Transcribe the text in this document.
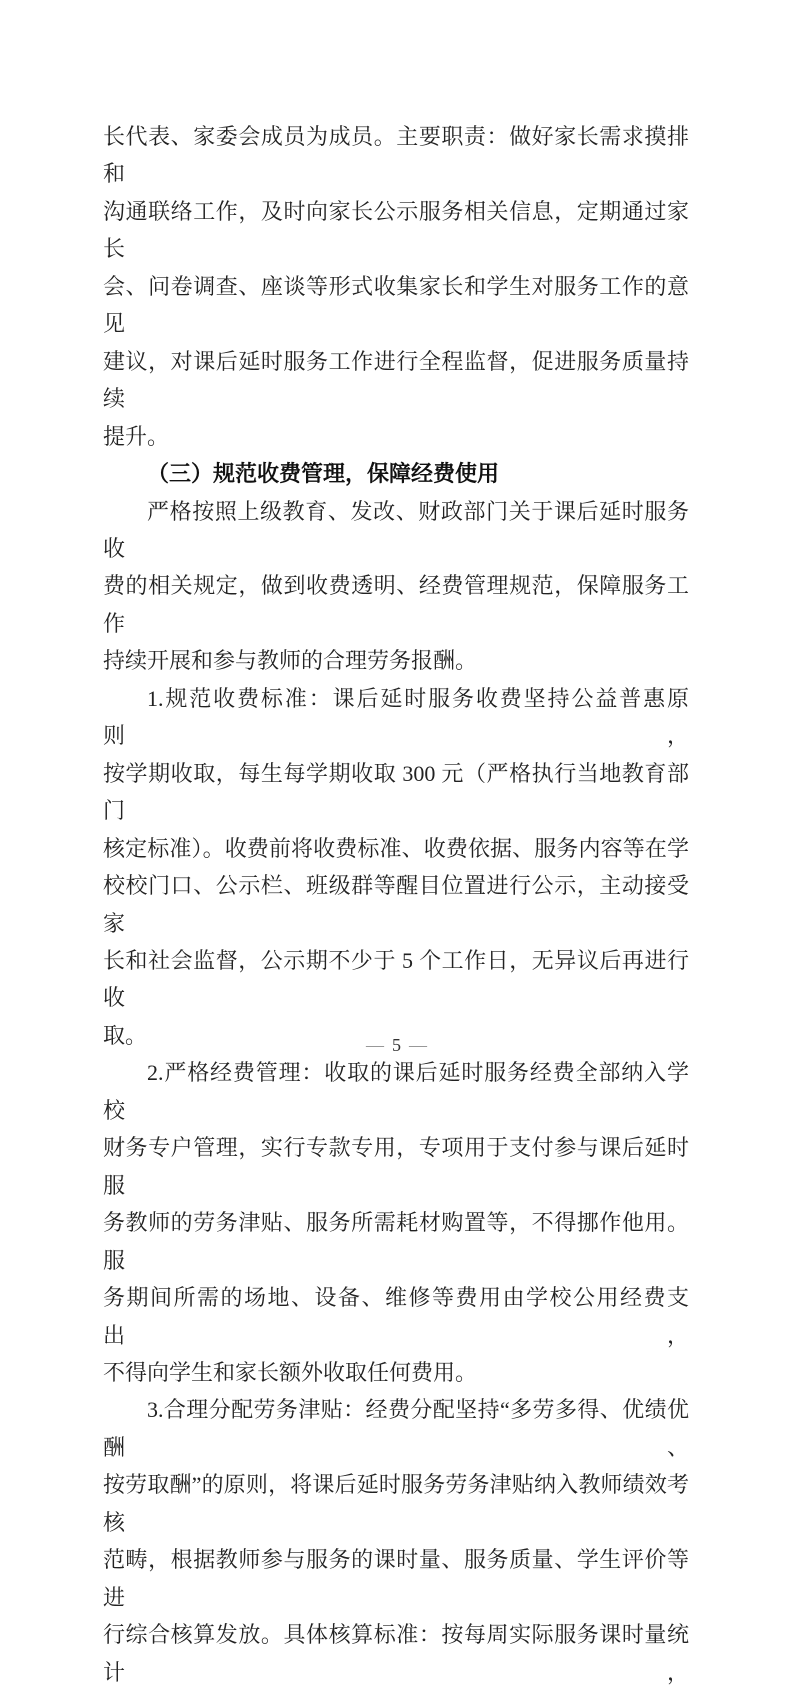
长代表、家委会成员为成员。主要职责：做好家长需求摸排和
沟通联络工作，及时向家长公示服务相关信息，定期通过家长
会、问卷调查、座谈等形式收集家长和学生对服务工作的意见
建议，对课后延时服务工作进行全程监督，促进服务质量持续
提升。
（三）规范收费管理，保障经费使用
严格按照上级教育、发改、财政部门关于课后延时服务收
费的相关规定，做到收费透明、经费管理规范，保障服务工作
持续开展和参与教师的合理劳务报酬。
1.规范收费标准：课后延时服务收费坚持公益普惠原则，
按学期收取，每生每学期收取 300 元（严格执行当地教育部门
核定标准）。收费前将收费标准、收费依据、服务内容等在学
校校门口、公示栏、班级群等醒目位置进行公示，主动接受家
长和社会监督，公示期不少于 5 个工作日，无异议后再进行收
取。
2.严格经费管理：收取的课后延时服务经费全部纳入学校
财务专户管理，实行专款专用，专项用于支付参与课后延时服
务教师的劳务津贴、服务所需耗材购置等，不得挪作他用。服
务期间所需的场地、设备、维修等费用由学校公用经费支出，
不得向学生和家长额外收取任何费用。
3.合理分配劳务津贴：经费分配坚持“多劳多得、优绩优酬、
按劳取酬”的原则，将课后延时服务劳务津贴纳入教师绩效考核
范畴，根据教师参与服务的课时量、服务质量、学生评价等进
行综合核算发放。具体核算标准：按每周实际服务课时量统计，
— 5 —
